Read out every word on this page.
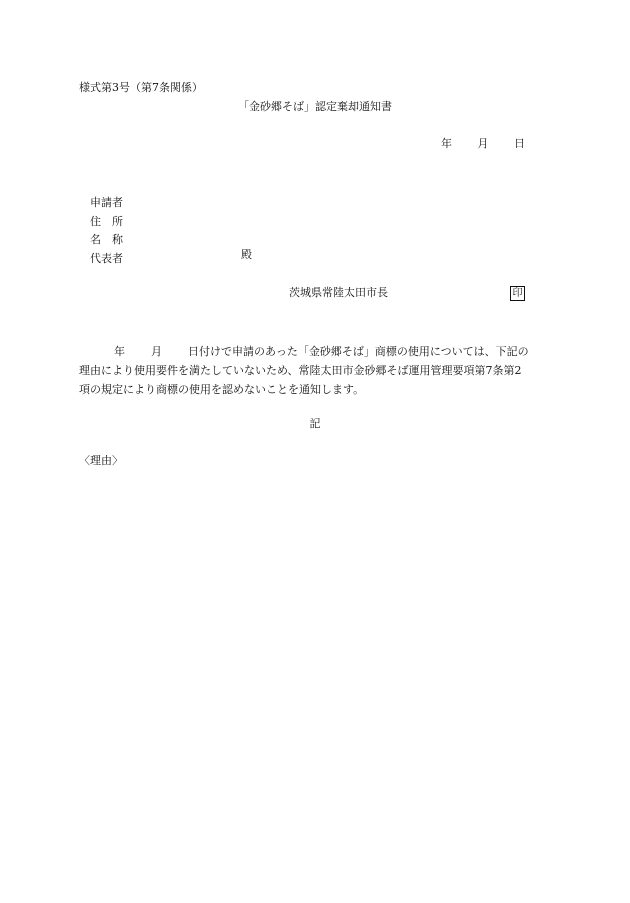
様式第3号（第7条関係）
「金砂郷そば」認定棄却通知書
年 月 日
申請者
住　所
名　称
代表者	殿
茨城県常陸太田市長	印
年 月 日付けで申請のあった「金砂郷そば」商標の使用については、下記の
理由により使用要件を満たしていないため、常陸太田市金砂郷そば運用管理要項第7条第2
項の規定により商標の使用を認めないことを通知します。
記
〈理由〉
